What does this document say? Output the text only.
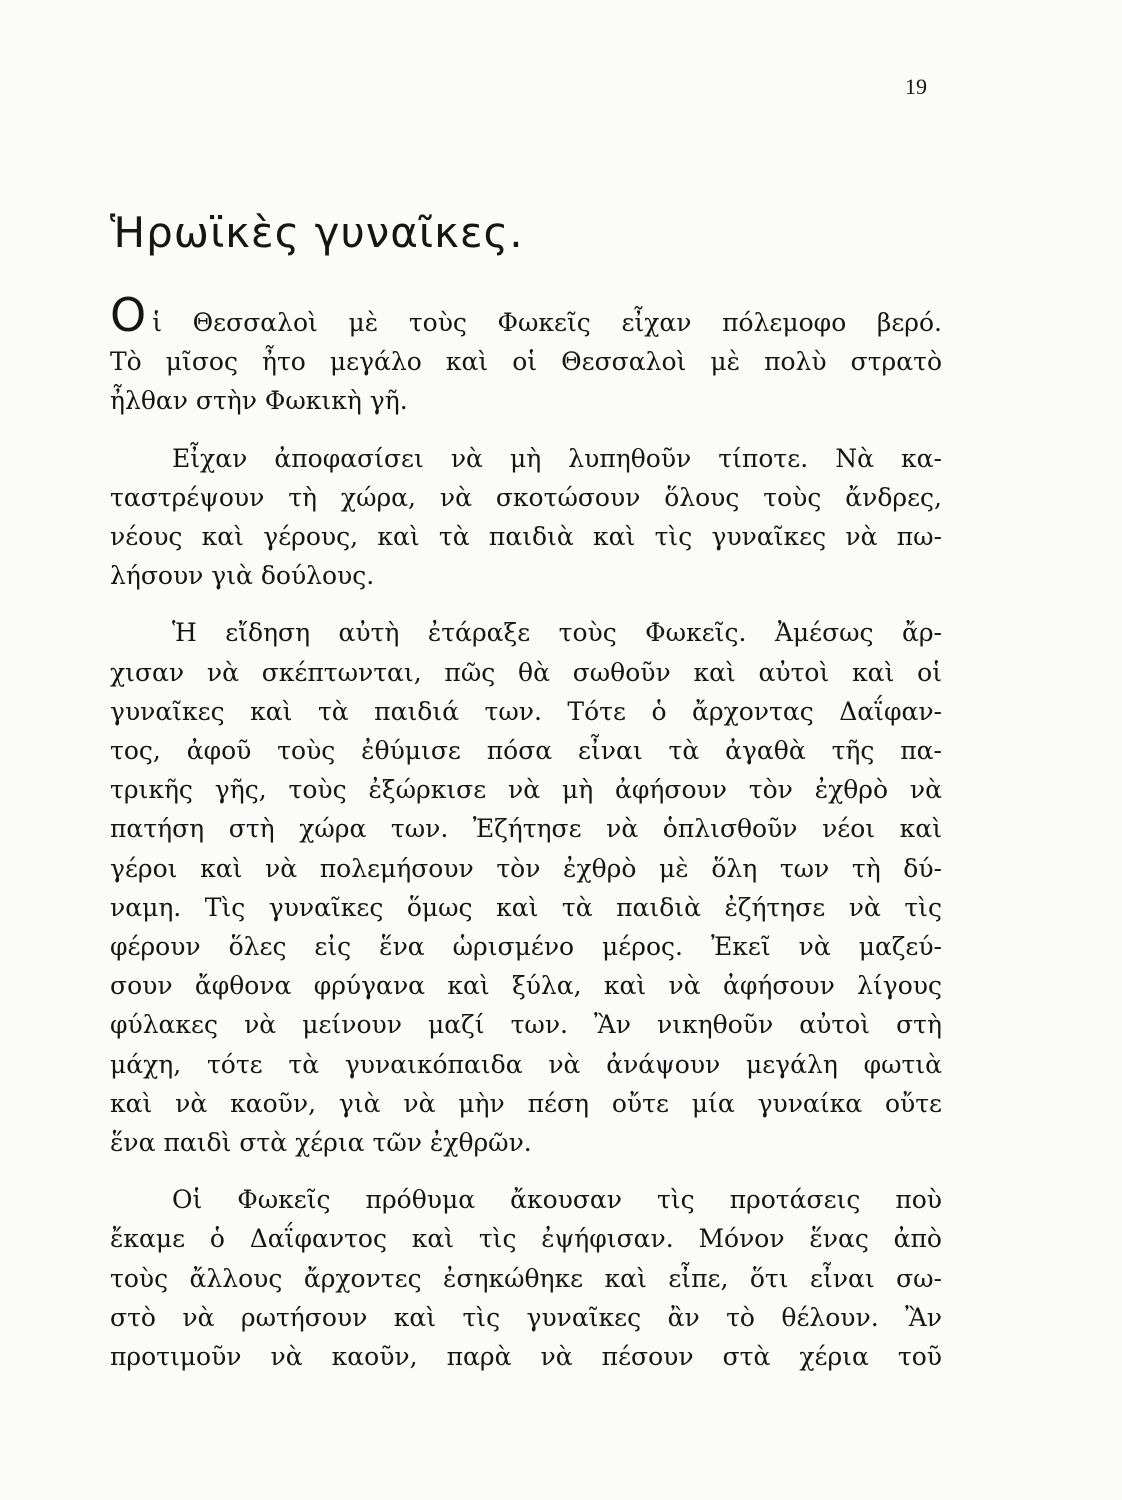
19
Ἡρωϊκὲς γυναῖκες.
Oἱ Θεσσαλοὶ μὲ τοὺς Φωκεῖς εἶχαν πόλεμοφο βερό.
Τὸ μῖσος ἦτο μεγάλο καὶ οἱ Θεσσαλοὶ μὲ πολὺ στρατὸ
ἦλθαν στὴν Φωκικὴ γῆ.
Εἶχαν ἀποφασίσει νὰ μὴ λυπηθοῦν τίποτε. Νὰ κα-
ταστρέψουν τὴ χώρα, νὰ σκοτώσουν ὅλους τοὺς ἄνδρες,
νέους καὶ γέρους, καὶ τὰ παιδιὰ καὶ τὶς γυναῖκες νὰ πω-
λήσουν γιὰ δούλους.
Ἡ εἴδηση αὐτὴ ἐτάραξε τοὺς Φωκεῖς. Ἀμέσως ἄρ-
χισαν νὰ σκέπτωνται, πῶς θὰ σωθοῦν καὶ αὐτοὶ καὶ οἱ
γυναῖκες καὶ τὰ παιδιά των. Τότε ὁ ἄρχοντας Δαΐφαν-
τος, ἀφοῦ τοὺς ἐθύμισε πόσα εἶναι τὰ ἀγαθὰ τῆς πα-
τρικῆς γῆς, τοὺς ἐξώρκισε νὰ μὴ ἀφήσουν τὸν ἐχθρὸ νὰ
πατήση στὴ χώρα των. Ἐζήτησε νὰ ὁπλισθοῦν νέοι καὶ
γέροι καὶ νὰ πολεμήσουν τὸν ἐχθρὸ μὲ ὅλη των τὴ δύ-
ναμη. Τὶς γυναῖκες ὅμως καὶ τὰ παιδιὰ ἐζήτησε νὰ τὶς
φέρουν ὅλες εἰς ἕνα ὡρισμένο μέρος. Ἐκεῖ νὰ μαζεύ-
σουν ἄφθονα φρύγανα καὶ ξύλα, καὶ νὰ ἀφήσουν λίγους
φύλακες νὰ μείνουν μαζί των. Ἂν νικηθοῦν αὐτοὶ στὴ
μάχη, τότε τὰ γυναικόπαιδα νὰ ἀνάψουν μεγάλη φωτιὰ
καὶ νὰ καοῦν, γιὰ νὰ μὴν πέση οὔτε μία γυναίκα οὔτε
ἕνα παιδὶ στὰ χέρια τῶν ἐχθρῶν.
Οἱ Φωκεῖς πρόθυμα ἄκουσαν τὶς προτάσεις ποὺ
ἔκαμε ὁ Δαΐφαντος καὶ τὶς ἐψήφισαν. Μόνον ἕνας ἀπὸ
τοὺς ἄλλους ἄρχοντες ἐσηκώθηκε καὶ εἶπε, ὅτι εἶναι σω-
στὸ νὰ ρωτήσουν καὶ τὶς γυναῖκες ἂν τὸ θέλουν. Ἂν
προτιμοῦν νὰ καοῦν, παρὰ νὰ πέσουν στὰ χέρια τοῦ
